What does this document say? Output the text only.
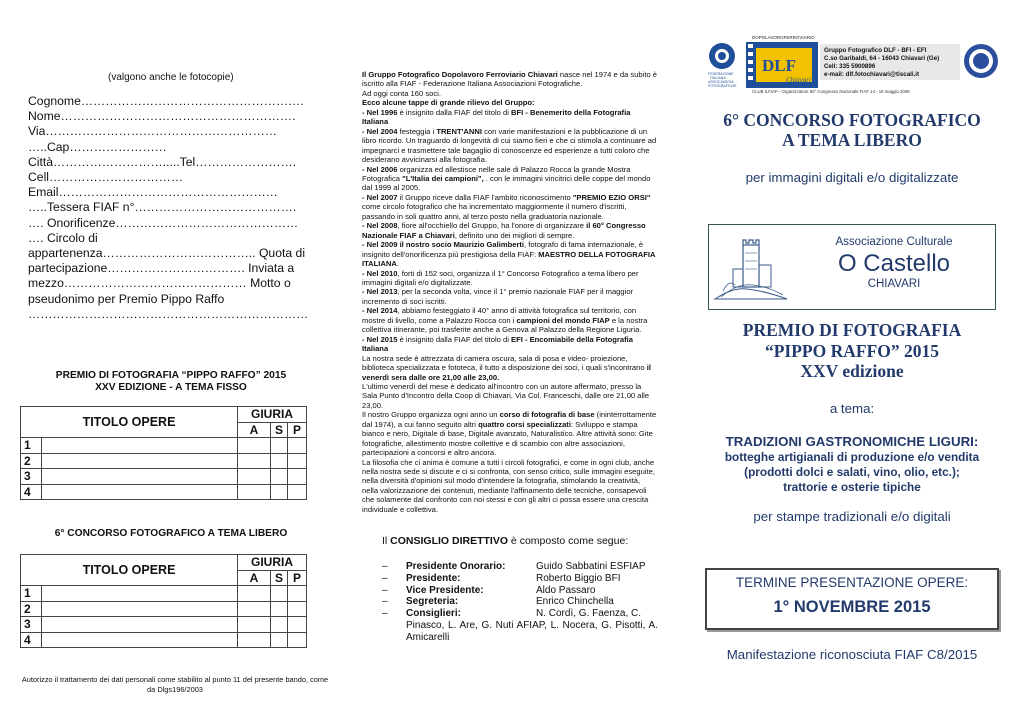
(valgono anche le fotocopie)
Cognome……………………………………………….
Nome………………………………………………….
Via…………………………………………………
…..Cap……………………
Città……………………….....Tel…………………….
Cell……………………………
Email………………………………………………
…..Tessera FIAF n°………………………………….
…. Onorificenze………………………………………
…. Circolo di appartenenza……………………………….. Quota di partecipazione……………………………. Inviata a mezzo……………………………………… Motto o pseudonimo per Premio Pippo Raffo
……………………………………………………………
PREMIO DI FOTOGRAFIA “PIPPO RAFFO” 2015
XXV EDIZIONE - A TEMA FISSO
TITOLO OPERE		GIURIA		
		A	S	P
1				
2				
3				
4				
6° CONCORSO FOTOGRAFICO A TEMA LIBERO
TITOLO OPERE		GIURIA		
		A	S	P
1				
2				
3				
4				
Autorizzo il trattamento dei dati personali come stabilito al punto 11 del presente bando, come da Dlgs196/2003

Il Gruppo Fotografico Dopolavoro Ferroviario Chiavari nasce nel 1974 e da subito è iscritto alla FIAF - Federazione Italiana Associazioni Fotografiche.

Ad oggi conta 160 soci.

Ecco alcune tappe di grande rilievo del Gruppo:

- Nel 1996 è insignito dalla FIAF del titolo di BFI - Benemerito della Fotografia Italiana

- Nel 2004 festeggia i TRENT'ANNI con varie manifestazioni e la pubblicazione di un libro ricordo. Un traguardo di longevità di cui siamo fieri e che ci stimola a continuare ad impegnarci e trasmettere tale bagaglio di conoscenze ed esperienze a tutti coloro che desiderano avvicinarsi alla fotografia.

- Nel 2006 organizza ed allestisce nelle sale di Palazzo Rocca la grande Mostra Fotografica "L'Italia dei campioni", . con le immagini vincitrici delle coppe del mondo dal 1999 al 2005.

- Nel 2007 il Gruppo riceve dalla FIAF l'ambito riconoscimento "PREMIO EZIO ORSI" come circolo fotografico che ha incrementato maggiormente il numero d'iscritti, passando in soli quattro anni, al terzo posto nella graduatoria nazionale.

- Nel 2008, fiore all'occhiello del Gruppo, ha l'onore di organizzare il 60° Congresso Nazionale FIAF a Chiavari, definito uno dei migliori di sempre.

- Nel 2009 il nostro socio Maurizio Galimberti, fotografo di fama internazionale, è insignito dell'onorificenza più prestigiosa della FIAF: MAESTRO DELLA FOTOGRAFIA ITALIANA.

- Nel 2010, forti di 152 soci, organizza il 1° Concorso Fotografico a tema libero per immagini digitali e/o digitalizzate.

- Nel 2013, per la seconda volta, vince il 1° premio nazionale FIAF per il maggior incremento di soci iscritti.

- Nel 2014, abbiamo festeggiato il 40° anno di attività fotografica sul territorio, con mostre di livello, come a Palazzo Rocca con i campioni del mondo FIAP e la nostra collettiva itinerante, poi trasferite anche a Genova al Palazzo della Regione Liguria.

- Nel 2015 è insignito dalla FIAF del titolo di EFI - Encomiabile della Fotografia Italiana

La nostra sede è attrezzata di camera oscura, sala di posa e video- proiezione, biblioteca specializzata e fototeca, il tutto a disposizione dei soci, i quali s'incontrano il venerdì sera dalle ore 21,00 alle 23,00.

L'ultimo venerdì del mese è dedicato all'incontro con un autore affermato, presso la Sala Punto d'Incontro della Coop di Chiavari, Via Col. Franceschi, dalle ore 21,00 alle 23,00.

Il nostro Gruppo organizza ogni anno un corso di fotografia di base (ininterrottamente dal 1974), a cui fanno seguito altri quattro corsi specializzati: Sviluppo e stampa bianco e nero, Digitale di base, Digitale avanzato, Naturalistico. Altre attività sono: Gite fotografiche, allestimento mostre collettive e di scambio con altre associazioni, partecipazioni a concorsi e altro ancora.

La filosofia che ci anima è comune a tutti i circoli fotografici, e come in ogni club, anche nella nostra sede si discute e ci si confronta, con senso critico, sulle immagini eseguite, nella diversità d'opinioni sul modo d'intendere la fotografia, stimolando la creatività, nella valorizzazione dei contenuti, mediante l'affinamento delle tecniche, consapevoli che solamente dal confronto con noi stessi e con gli altri ci possa essere una crescita individuale e collettiva.

Il CONSIGLIO DIRETTIVO è composto come segue:
–	Presidente Onorario:	Guido Sabbatini ESFIAP
–	Presidente:	Roberto Biggio BFI
–	Vice Presidente:	Aldo Passaro
–	Segreteria:	Enrico Chinchella
–	Consiglieri:	N. Cordì, G. Faenza, C.
Pinasco, L. Are, G. Nuti AFIAP, L. Nocera, G. Pisotti, A. Amicarelli
DOPOLAVOROFERROVIARIO
DLF
Chiavari
FEDERAZIONE
ITALIANA
ASSOCIAZIONI
FOTOGRAFICHE
Gruppo Fotografico DLF - BFI - EFI
C.so Garibaldi, 64 - 16043 Chiavari (Ge)
Cell: 335 5900896
e-mail: dlf.fotochiavari@tiscali.it
CLUB ILFIAP - Organizzatore 60° Congresso Nazionale FIAF 14 - 18 maggio 2008
6° CONCORSO FOTOGRAFICO
A TEMA LIBERO
per immagini digitali e/o digitalizzate
Associazione Culturale
O Castello
CHIAVARI
PREMIO DI FOTOGRAFIA
“PIPPO RAFFO” 2015
XXV edizione
a tema:
TRADIZIONI GASTRONOMICHE LIGURI:
botteghe artigianali di produzione e/o vendita
(prodotti dolci e salati, vino, olio, etc.);
trattorie e osterie tipiche
per stampe tradizionali e/o digitali
TERMINE PRESENTAZIONE OPERE:
1° NOVEMBRE 2015
Manifestazione riconosciuta FIAF C8/2015
